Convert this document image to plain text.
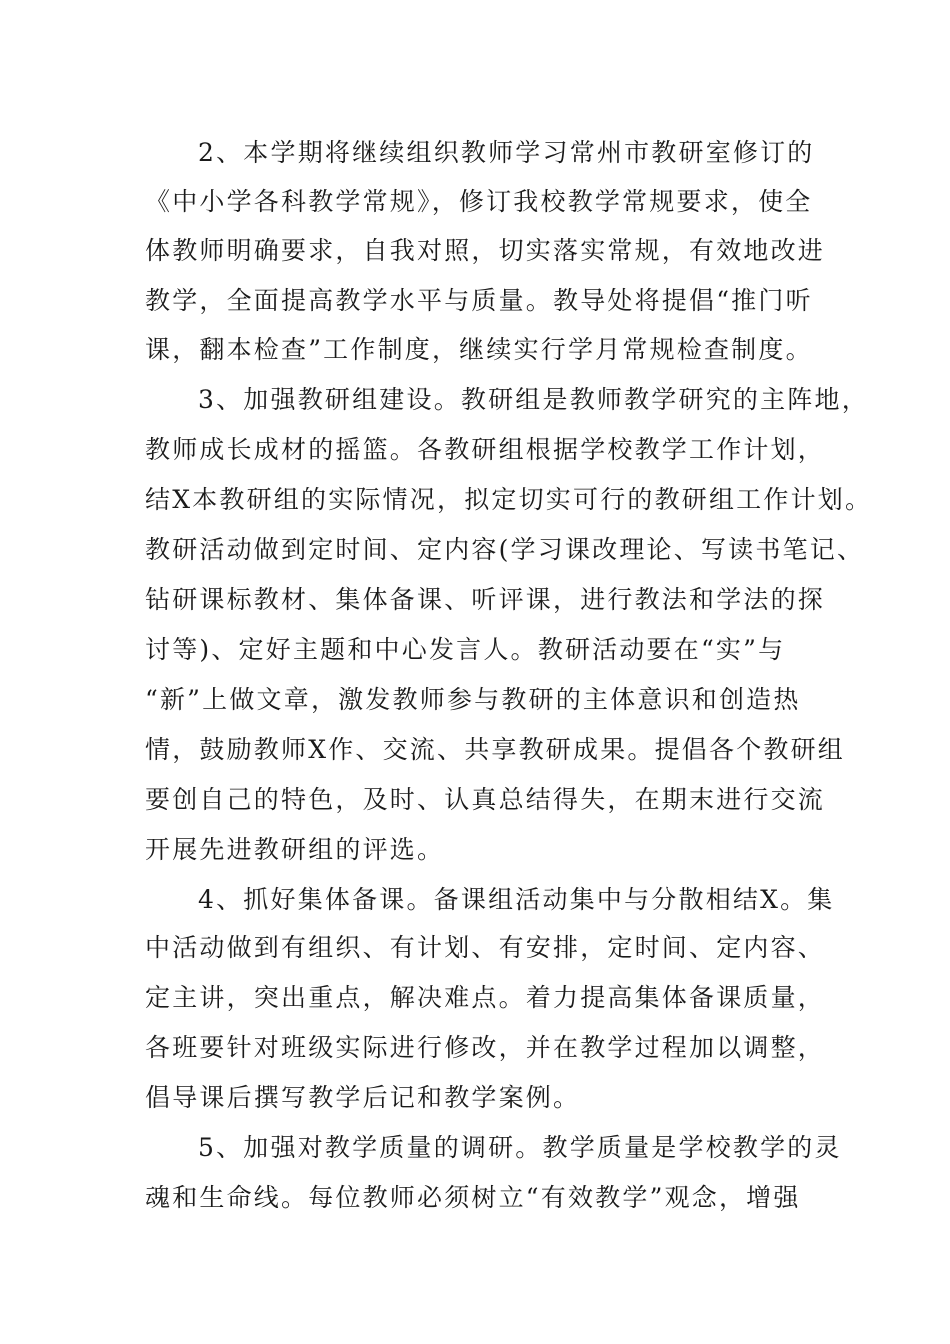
2、本学期将继续组织教师学习常州市教研室修订的
《中小学各科教学常规》，修订我校教学常规要求，使全
体教师明确要求，自我对照，切实落实常规，有效地改进
教学，全面提高教学水平与质量。教导处将提倡“推门听
课，翻本检查”工作制度，继续实行学月常规检查制度。
3、加强教研组建设。教研组是教师教学研究的主阵地，
教师成长成材的摇篮。各教研组根据学校教学工作计划，
结X本教研组的实际情况，拟定切实可行的教研组工作计划。
教研活动做到定时间、定内容(学习课改理论、写读书笔记、
钻研课标教材、集体备课、听评课，进行教法和学法的探
讨等)、定好主题和中心发言人。教研活动要在“实”与
“新”上做文章，激发教师参与教研的主体意识和创造热
情，鼓励教师X作、交流、共享教研成果。提倡各个教研组
要创自己的特色，及时、认真总结得失，在期末进行交流
开展先进教研组的评选。
4、抓好集体备课。备课组活动集中与分散相结X。集
中活动做到有组织、有计划、有安排，定时间、定内容、
定主讲，突出重点，解决难点。着力提高集体备课质量，
各班要针对班级实际进行修改，并在教学过程加以调整，
倡导课后撰写教学后记和教学案例。
5、加强对教学质量的调研。教学质量是学校教学的灵
魂和生命线。每位教师必须树立“有效教学”观念，增强
